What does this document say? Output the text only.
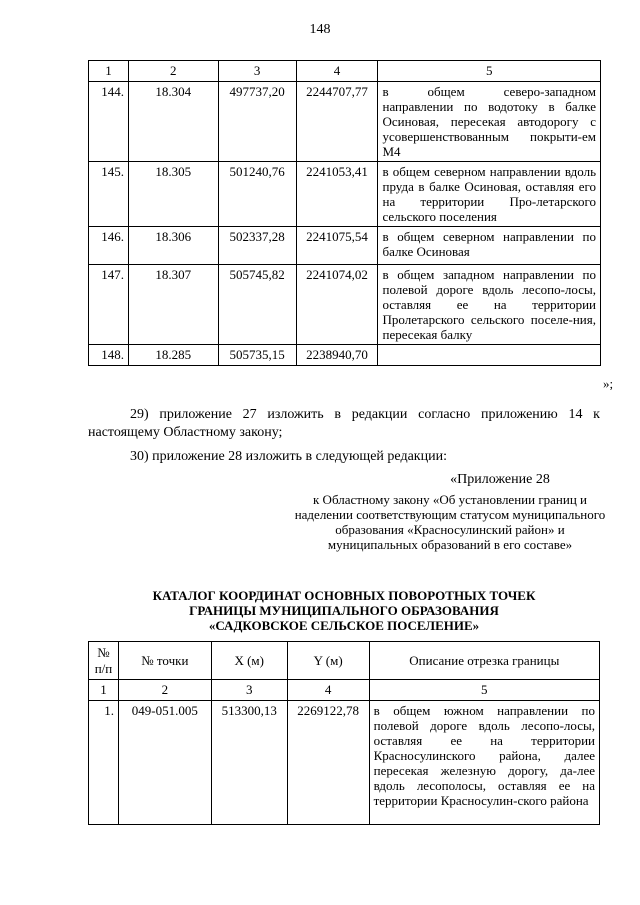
148
1	2	3	4	5
144.	18.304	497737,20	2244707,77	в общем северо-западном направлении по водотоку в балке Осиновая, пересекая автодорогу с усовершенствованным покрыти-ем М4
145.	18.305	501240,76	2241053,41	в общем северном направлении вдоль пруда в балке Осиновая, оставляя его на территории Про-летарского сельского поселения
146.	18.306	502337,28	2241075,54	в общем северном направлении по балке Осиновая
147.	18.307	505745,82	2241074,02	в общем западном направлении по полевой дороге вдоль лесопо-лосы, оставляя ее на территории Пролетарского сельского поселе-ния, пересекая балку
148.	18.285	505735,15	2238940,70	
»;
29) приложение 27 изложить в редакции согласно приложению 14 к настоящему Областному закону;
30) приложение 28 изложить в следующей редакции:
«Приложение 28
к Областному закону «Об установлении границ и наделении соответствующим статусом муниципального образования «Красносулинский район» и муниципальных образований в его составе»
КАТАЛОГ КООРДИНАТ ОСНОВНЫХ ПОВОРОТНЫХ ТОЧЕК
ГРАНИЦЫ МУНИЦИПАЛЬНОГО ОБРАЗОВАНИЯ
«САДКОВСКОЕ СЕЛЬСКОЕ ПОСЕЛЕНИЕ»
№ п/п	№ точки	X (м)	Y (м)	Описание отрезка границы
1	2	3	4	5
1.	049-051.005	513300,13	2269122,78	в общем южном направлении по полевой дороге вдоль лесопо-лосы, оставляя ее на территории Красносулинского района, далее пересекая железную дорогу, да-лее вдоль лесополосы, оставляя ее на территории Красносулин-ского района
